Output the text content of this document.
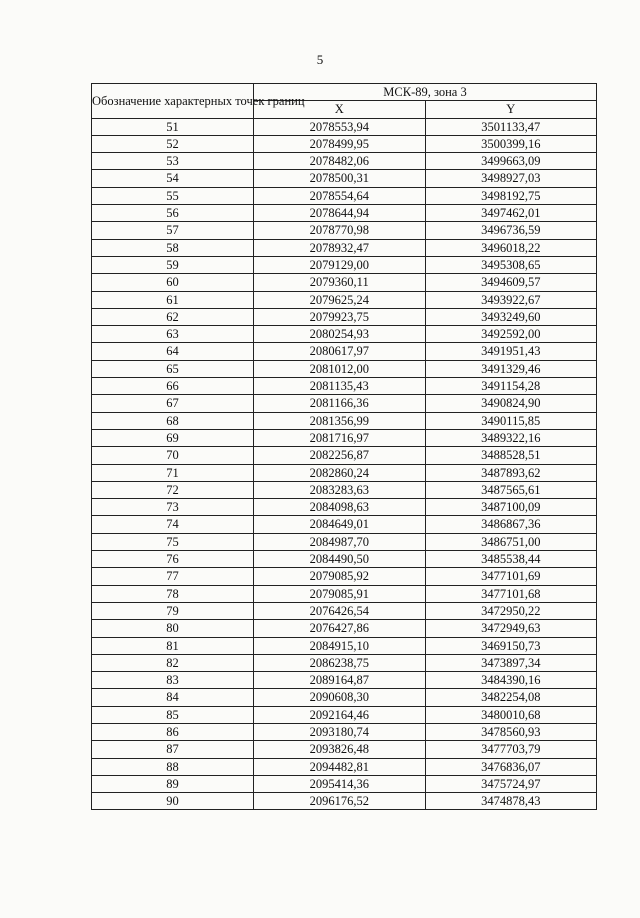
5
Обозначение характерных точек границ	МСК-89, зона 3	
	X	Y
51	2078553,94	3501133,47
52	2078499,95	3500399,16
53	2078482,06	3499663,09
54	2078500,31	3498927,03
55	2078554,64	3498192,75
56	2078644,94	3497462,01
57	2078770,98	3496736,59
58	2078932,47	3496018,22
59	2079129,00	3495308,65
60	2079360,11	3494609,57
61	2079625,24	3493922,67
62	2079923,75	3493249,60
63	2080254,93	3492592,00
64	2080617,97	3491951,43
65	2081012,00	3491329,46
66	2081135,43	3491154,28
67	2081166,36	3490824,90
68	2081356,99	3490115,85
69	2081716,97	3489322,16
70	2082256,87	3488528,51
71	2082860,24	3487893,62
72	2083283,63	3487565,61
73	2084098,63	3487100,09
74	2084649,01	3486867,36
75	2084987,70	3486751,00
76	2084490,50	3485538,44
77	2079085,92	3477101,69
78	2079085,91	3477101,68
79	2076426,54	3472950,22
80	2076427,86	3472949,63
81	2084915,10	3469150,73
82	2086238,75	3473897,34
83	2089164,87	3484390,16
84	2090608,30	3482254,08
85	2092164,46	3480010,68
86	2093180,74	3478560,93
87	2093826,48	3477703,79
88	2094482,81	3476836,07
89	2095414,36	3475724,97
90	2096176,52	3474878,43
